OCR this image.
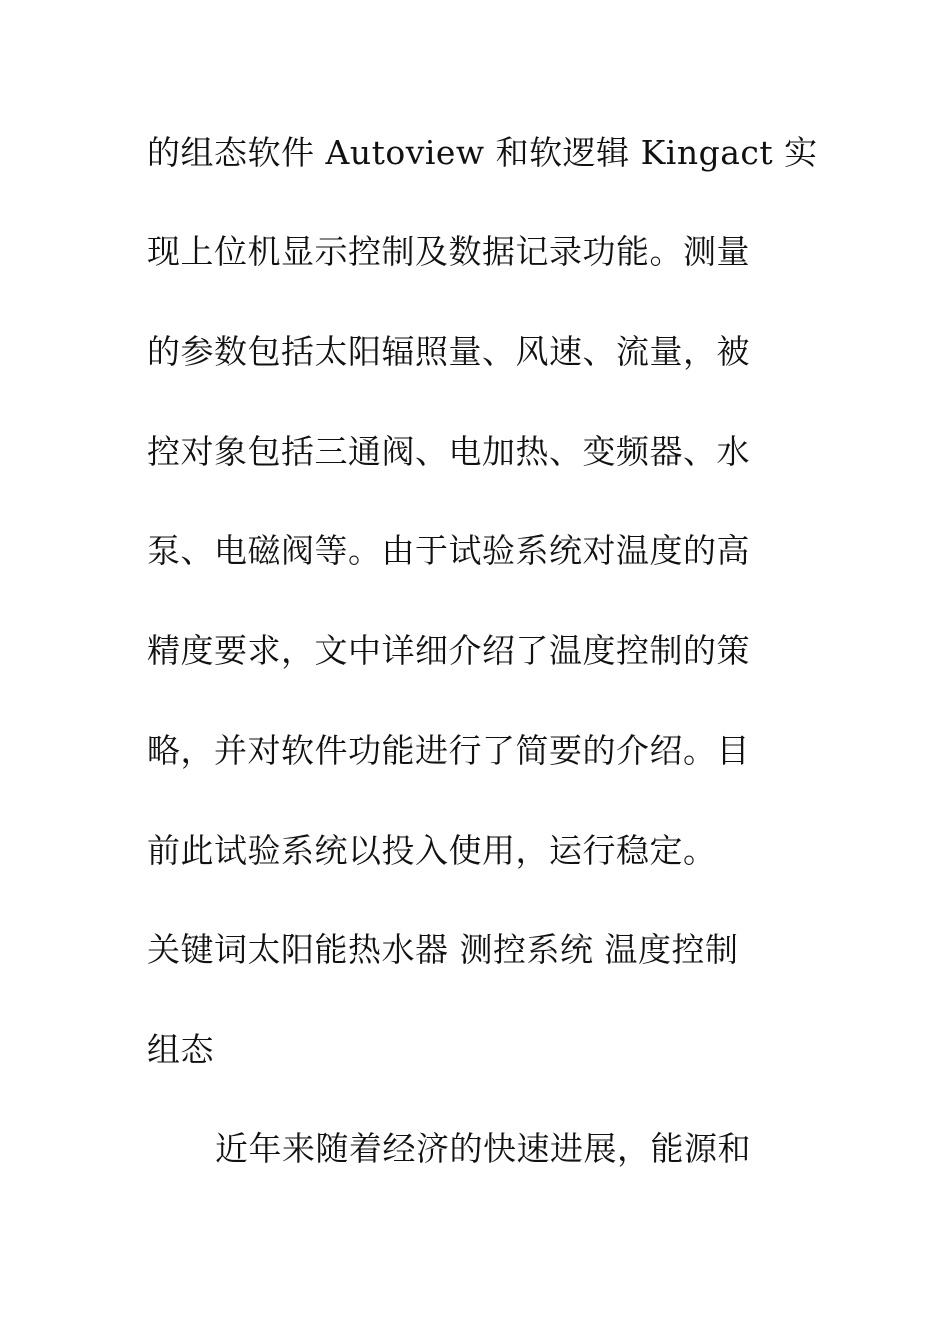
的组态软件 Autoview 和软逻辑 Kingact 实
现上位机显示控制及数据记录功能。测量
的参数包括太阳辐照量、风速、流量，被
控对象包括三通阀、电加热、变频器、水
泵、电磁阀等。由于试验系统对温度的高
精度要求，文中详细介绍了温度控制的策
略，并对软件功能进行了简要的介绍。目
前此试验系统以投入使用，运行稳定。
关键词太阳能热水器 测控系统 温度控制
组态
近年来随着经济的快速进展，能源和
